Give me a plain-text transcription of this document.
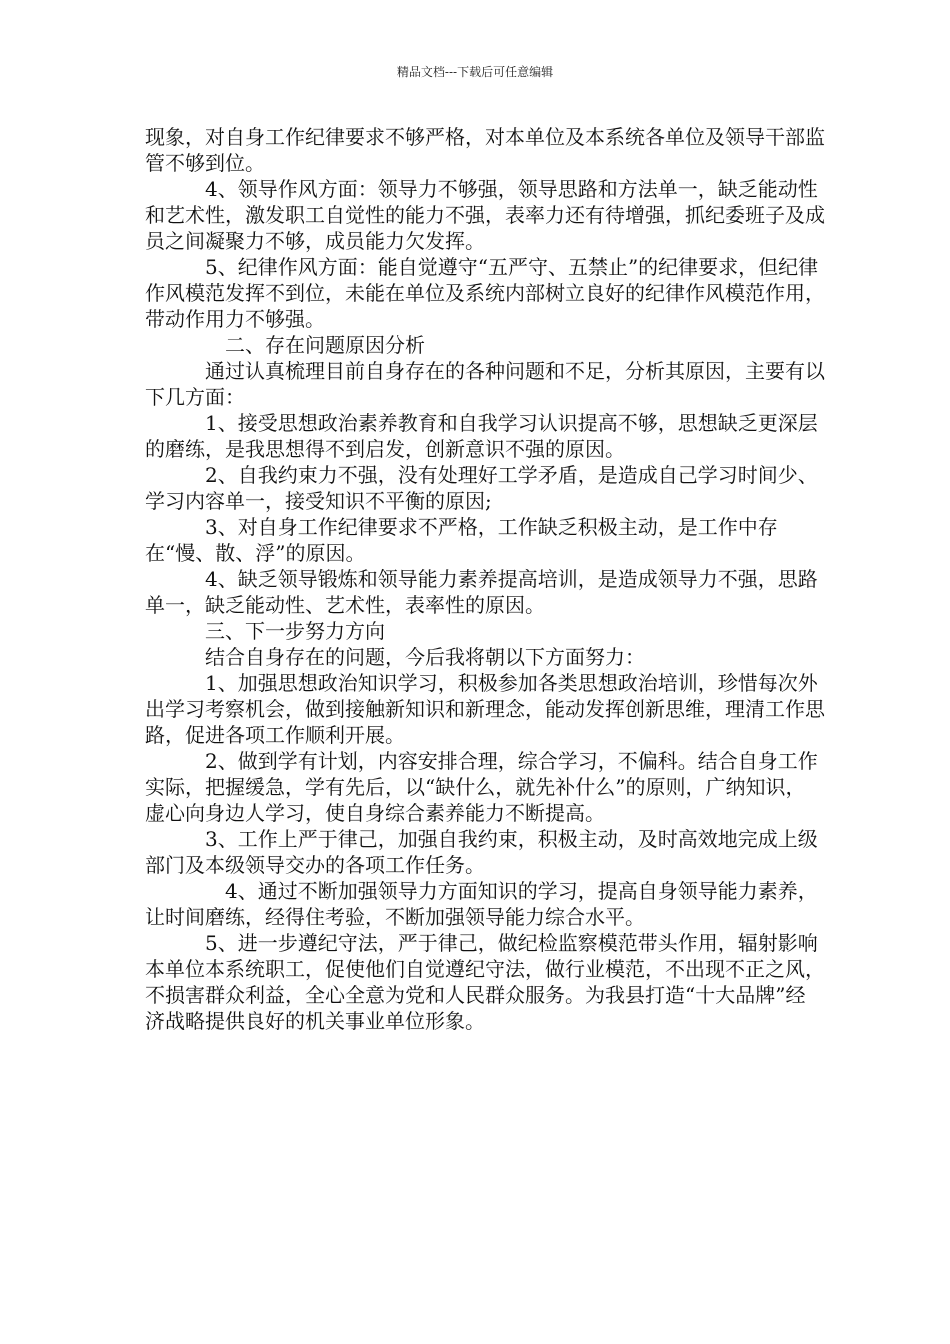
精品文档---下载后可任意编辑

现象，对自身工作纪律要求不够严格，对本单位及本系统各单位及领导干部监管不够到位。

4、领导作风方面：领导力不够强，领导思路和方法单一，缺乏能动性和艺术性，激发职工自觉性的能力不强，表率力还有待增强，抓纪委班子及成员之间凝聚力不够，成员能力欠发挥。

5、纪律作风方面：能自觉遵守“五严守、五禁止”的纪律要求，但纪律作风模范发挥不到位，未能在单位及系统内部树立良好的纪律作风模范作用，带动作用力不够强。

二、存在问题原因分析

通过认真梳理目前自身存在的各种问题和不足，分析其原因，主要有以下几方面：

1、接受思想政治素养教育和自我学习认识提高不够，思想缺乏更深层的磨练，是我思想得不到启发，创新意识不强的原因。

2、自我约束力不强，没有处理好工学矛盾，是造成自己学习时间少、学习内容单一，接受知识不平衡的原因;

3、对自身工作纪律要求不严格，工作缺乏积极主动，是工作中存在“慢、散、浮”的原因。

4、缺乏领导锻炼和领导能力素养提高培训，是造成领导力不强，思路单一，缺乏能动性、艺术性，表率性的原因。

三、下一步努力方向

结合自身存在的问题，今后我将朝以下方面努力：

1、加强思想政治知识学习，积极参加各类思想政治培训，珍惜每次外出学习考察机会，做到接触新知识和新理念，能动发挥创新思维，理清工作思路，促进各项工作顺利开展。

2、做到学有计划，内容安排合理，综合学习，不偏科。结合自身工作实际，把握缓急，学有先后，以“缺什么，就先补什么”的原则，广纳知识，虚心向身边人学习，使自身综合素养能力不断提高。

3、工作上严于律己，加强自我约束，积极主动，及时高效地完成上级部门及本级领导交办的各项工作任务。

4、通过不断加强领导力方面知识的学习，提高自身领导能力素养，让时间磨练，经得住考验，不断加强领导能力综合水平。

5、进一步遵纪守法，严于律己，做纪检监察模范带头作用，辐射影响本单位本系统职工，促使他们自觉遵纪守法，做行业模范，不出现不正之风，不损害群众利益，全心全意为党和人民群众服务。为我县打造“十大品牌”经济战略提供良好的机关事业单位形象。
